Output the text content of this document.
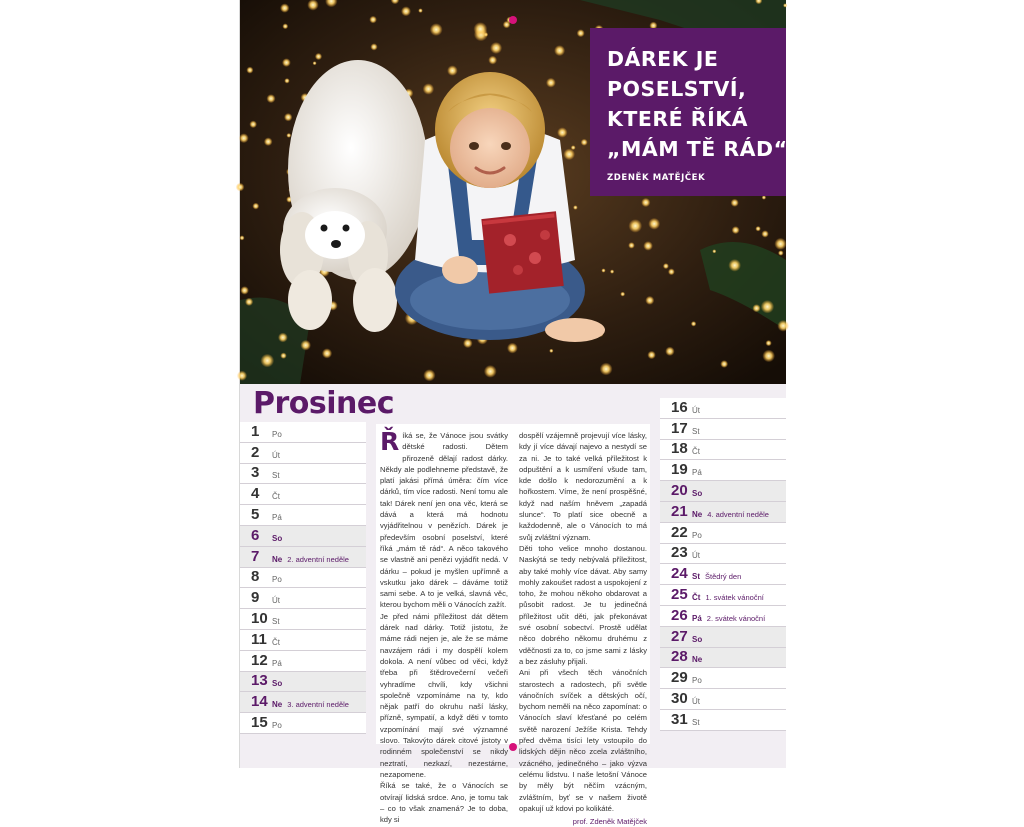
DÁREK JE
POSELSTVÍ,
KTERÉ ŘÍKÁ
„MÁM TĚ RÁD“.

ZDENĚK MATĚJČEK
Prosinec
1	Po
2	Út
3	St
4	Čt
5	Pá
6	So
7	Ne 2. adventní neděle
8	Po
9	Út
10 St
11 Čt
12 Pá
13 So
14 Ne 3. adventní neděle
15 Po
16 Út
17 St
18 Čt
19 Pá
20 So
21 Ne 4. adventní neděle
22 Po
23 Út
24 St Štědrý den
25 Čt 1. svátek vánoční
26 Pá 2. svátek vánoční
27 So
28 Ne
29 Po
30 Út
31 St

Říká se, že Vánoce jsou svátky dětské radosti. Dětem přirozeně dělají radost dárky. Někdy ale podlehneme představě, že platí jakási přímá úměra: čím více dárků, tím více radosti. Není tomu ale tak! Dárek není jen ona věc, která se dává a která má hodnotu vyjádřitelnou v penězích. Dárek je především osobní poselství, které říká „mám tě rád“. A něco takového se vlastně ani penězi vyjádřit nedá. V dárku – pokud je myšlen upřímně a vskutku jako dárek – dáváme totiž sami sebe. A to je velká, slavná věc, kterou bychom měli o Vánocích zažít.

Je před námi příležitost dát dětem dárek nad dárky. Totiž jistotu, že máme rádi nejen je, ale že se máme navzájem rádi i my dospělí kolem dokola. A není vůbec od věci, když třeba při štědrovečerní večeři vyhradíme chvíli, kdy všichni společně vzpomínáme na ty, kdo nějak patří do okruhu naší lásky, přízně, sympatií, a když děti v tomto vzpomínání mají své významné slovo. Takovýto dárek citové jistoty v rodinném společenství se nikdy neztratí, nezkazí, nezestárne, nezapomene.

Říká se také, že o Vánocích se otvírají lidská srdce. Ano, je tomu tak – co to však znamená? Je to doba, kdy si

dospělí vzájemně projevují více lásky, kdy jí více dávají najevo a nestydí se za ni. Je to také velká příležitost k odpuštění a k usmíření všude tam, kde došlo k nedorozumění a k hořkostem. Víme, že není prospěšné, když nad naším hněvem „zapadá slunce“. To platí sice obecně a každodenně, ale o Vánocích to má svůj zvláštní význam.

Děti toho velice mnoho dostanou. Naskýtá se tedy nebývalá příležitost, aby také mohly více dávat. Aby samy mohly zakoušet radost a uspokojení z toho, že mohou někoho obdarovat a působit radost. Je tu jedinečná příležitost učit děti, jak překonávat své osobní sobectví. Prostě udělat něco dobrého někomu druhému z vděčnosti za to, co jsme sami z lásky a bez zásluhy přijali.

Ani při všech těch vánočních starostech a radostech, při světle vánočních svíček a dětských očí, bychom neměli na něco zapomínat: o Vánocích slaví křesťané po celém světě narození Ježíše Krista. Tehdy před dvěma tisíci lety vstoupilo do lidských dějin něco zcela zvláštního, vzácného, jedinečného – jako výzva celému lidstvu. I naše letošní Vánoce by měly být něčím vzácným, zvláštním, byť se v našem životě opakují už kdovi po kolikáté.

prof. Zdeněk Matějček
